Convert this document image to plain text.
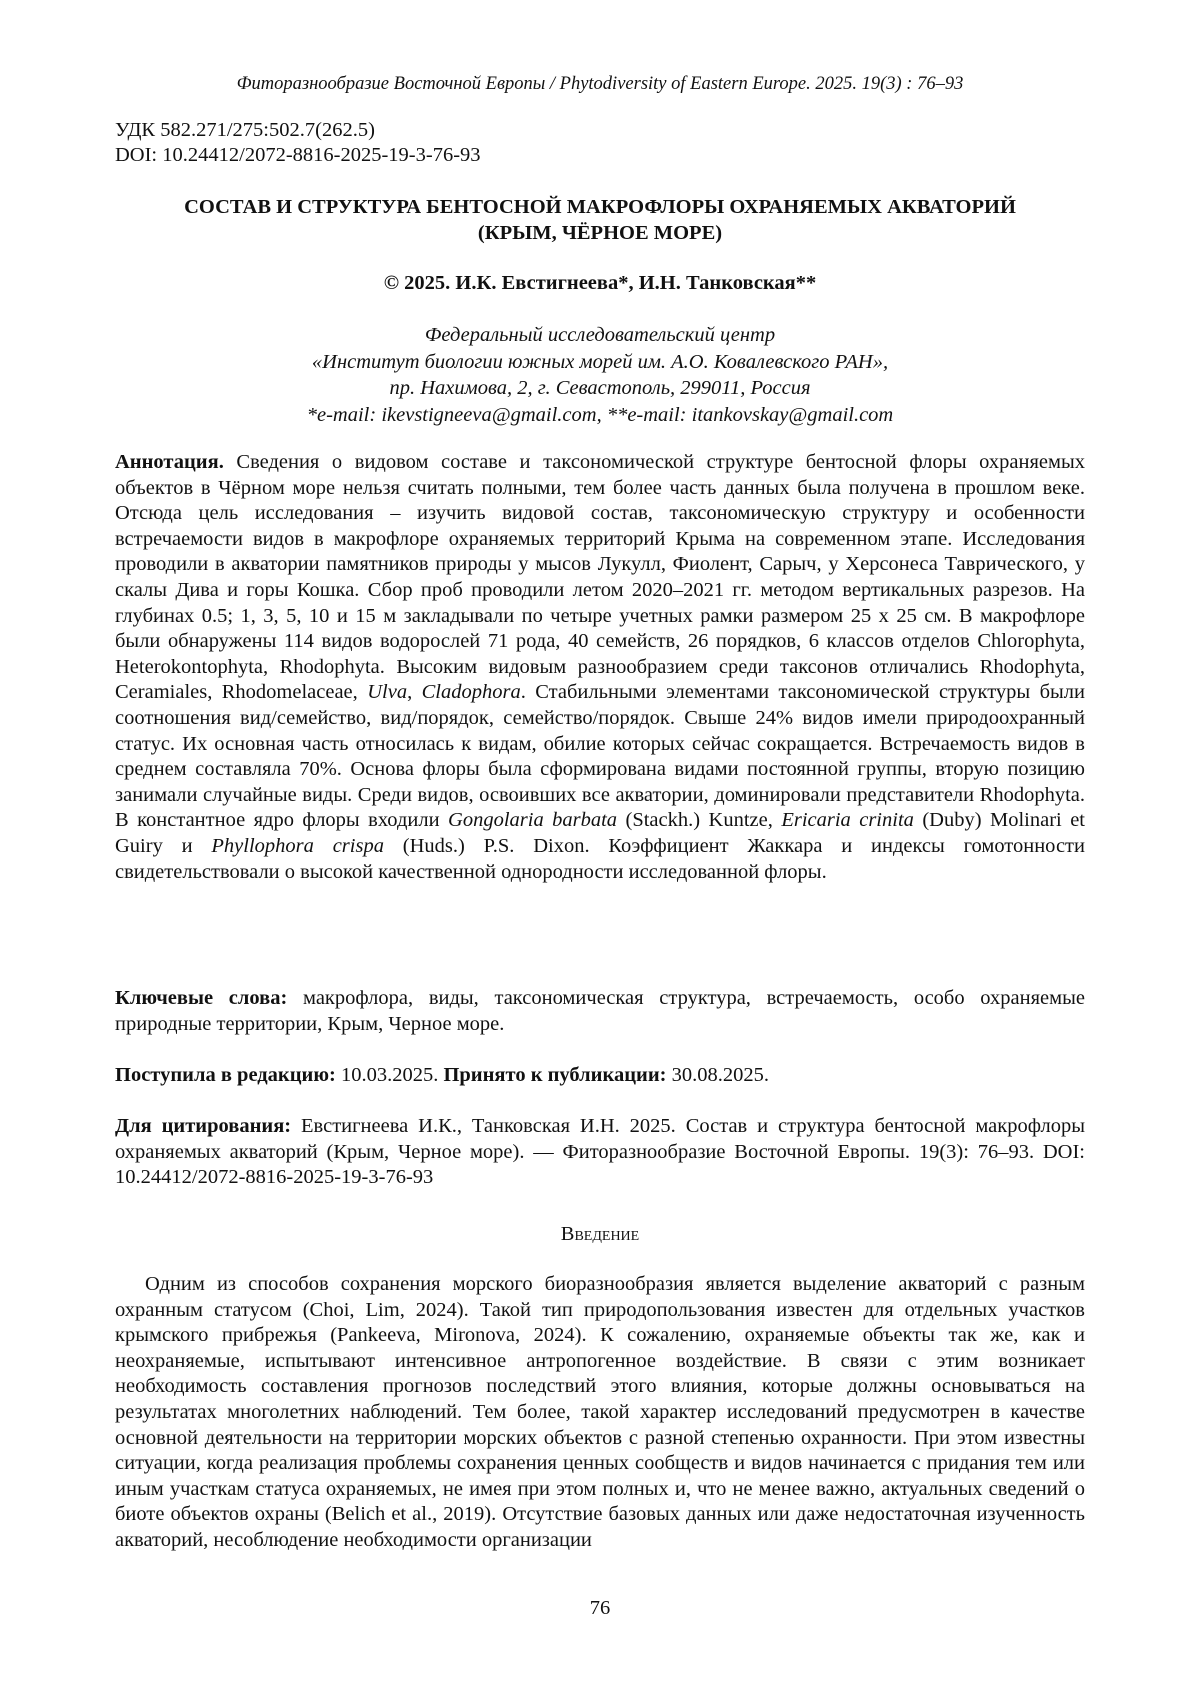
Фиторазнообразие Восточной Европы / Phytodiversity of Eastern Europe. 2025. 19(3) : 76–93
УДК 582.271/275:502.7(262.5)
DOI: 10.24412/2072-8816-2025-19-3-76-93
СОСТАВ И СТРУКТУРА БЕНТОСНОЙ МАКРОФЛОРЫ ОХРАНЯЕМЫХ АКВАТОРИЙ
(КРЫМ, ЧЁРНОЕ МОРЕ)
© 2025. И.К. Евстигнеева*, И.Н. Танковская**
Федеральный исследовательский центр
«Институт биологии южных морей им. А.О. Ковалевского РАН»,
пр. Нахимова, 2, г. Севастополь, 299011, Россия
*e-mail: ikevstigneeva@gmail.com, **e-mail: itankovskay@gmail.com
Аннотация. Сведения о видовом составе и таксономической структуре бентосной флоры охраняемых объектов в Чёрном море нельзя считать полными, тем более часть данных была получена в прошлом веке. Отсюда цель исследования – изучить видовой состав, таксономическую структуру и особенности встречаемости видов в макрофлоре охраняемых территорий Крыма на современном этапе. Исследования проводили в акватории памятников природы у мысов Лукулл, Фиолент, Сарыч, у Херсонеса Таврического, у скалы Дива и горы Кошка. Сбор проб проводили летом 2020–2021 гг. методом вертикальных разрезов. На глубинах 0.5; 1, 3, 5, 10 и 15 м закладывали по четыре учетных рамки размером 25 х 25 см. В макрофлоре были обнаружены 114 видов водорослей 71 рода, 40 семейств, 26 порядков, 6 классов отделов Chlorophyta, Heterokontophyta, Rhodophyta. Высоким видовым разнообразием среди таксонов отличались Rhodophyta, Ceramiales, Rhodomelaceae, Ulva, Cladophora. Стабильными элементами таксономической структуры были соотношения вид/семейство, вид/порядок, семейство/порядок. Свыше 24% видов имели природоохранный статус. Их основная часть относилась к видам, обилие которых сейчас сокращается. Встречаемость видов в среднем составляла 70%. Основа флоры была сформирована видами постоянной группы, вторую позицию занимали случайные виды. Среди видов, освоивших все акватории, доминировали представители Rhodophyta. В константное ядро флоры входили Gongolaria barbata (Stackh.) Kuntze, Ericaria crinita (Duby) Molinari et Guiry и Phyllophora crispa (Huds.) P.S. Dixon. Коэффициент Жаккара и индексы гомотонности свидетельствовали о высокой качественной однородности исследованной флоры.
Ключевые слова: макрофлора, виды, таксономическая структура, встречаемость, особо охраняемые природные территории, Крым, Черное море.
Поступила в редакцию: 10.03.2025. Принято к публикации: 30.08.2025.
Для цитирования: Евстигнеева И.К., Танковская И.Н. 2025. Состав и структура бентосной макрофлоры охраняемых акваторий (Крым, Черное море). — Фиторазнообразие Восточной Европы. 19(3): 76–93. DOI: 10.24412/2072-8816-2025-19-3-76-93
Введение
Одним из способов сохранения морского биоразнообразия является выделение акваторий с разным охранным статусом (Choi, Lim, 2024). Такой тип природопользования известен для отдельных участков крымского прибрежья (Pankeeva, Mironova, 2024). К сожалению, охраняемые объекты так же, как и неохраняемые, испытывают интенсивное антропогенное воздействие. В связи с этим возникает необходимость составления прогнозов последствий этого влияния, которые должны основываться на результатах многолетних наблюдений. Тем более, такой характер исследований предусмотрен в качестве основной деятельности на территории морских объектов с разной степенью охранности. При этом известны ситуации, когда реализация проблемы сохранения ценных сообществ и видов начинается с придания тем или иным участкам статуса охраняемых, не имея при этом полных и, что не менее важно, актуальных сведений о биоте объектов охраны (Belich et al., 2019). Отсутствие базовых данных или даже недостаточная изученность акваторий, несоблюдение необходимости организации
76
